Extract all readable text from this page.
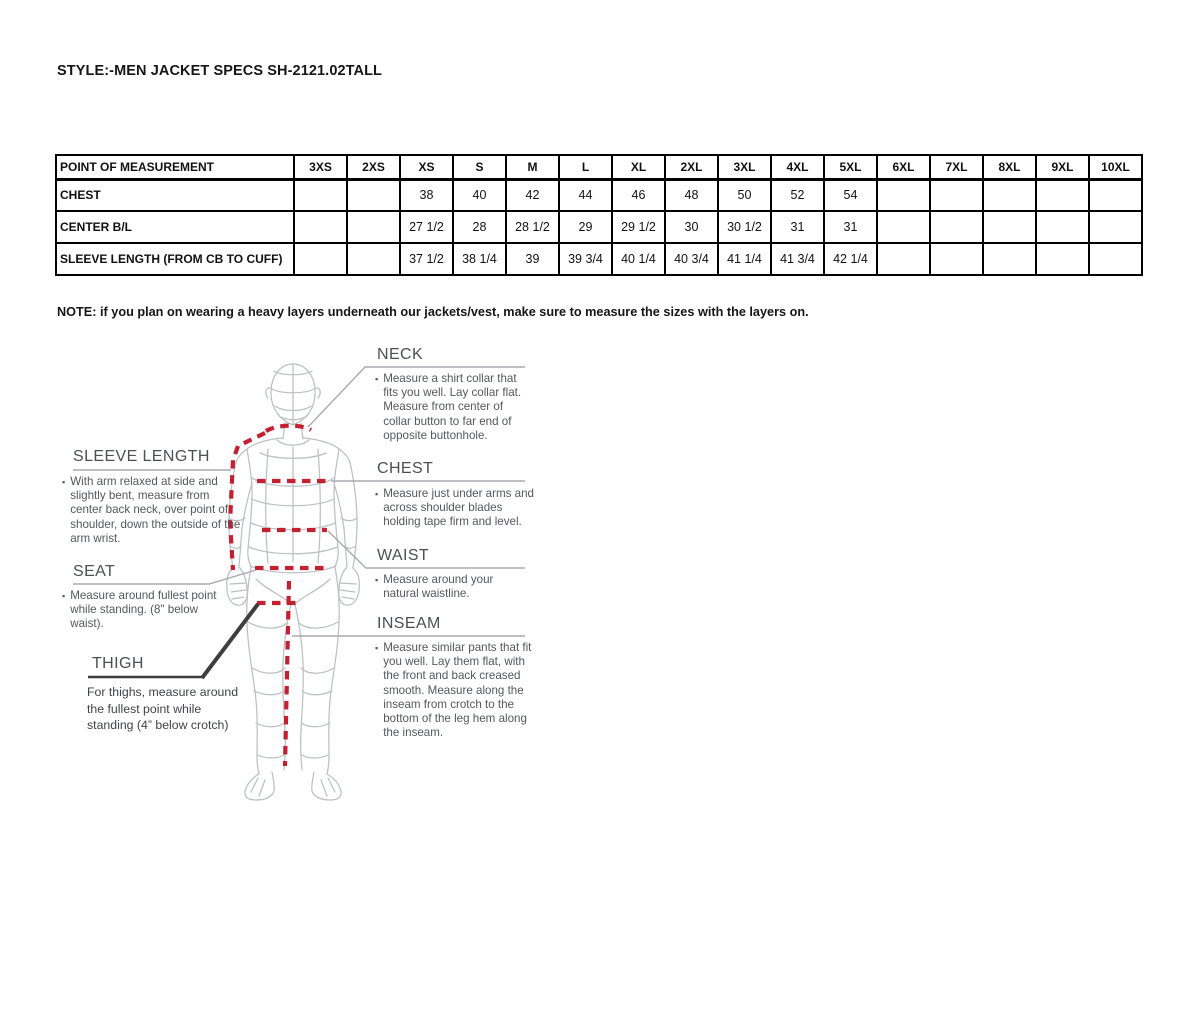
STYLE:-MEN JACKET SPECS SH-2121.02TALL
POINT OF MEASUREMENT	3XS	2XS	XS	S	M	L	XL	2XL	3XL	4XL	5XL	6XL	7XL	8XL	9XL	10XL
CHEST			38	40	42	44	46	48	50	52	54					
CENTER B/L			27 1/2	28	28 1/2	29	29 1/2	30	30 1/2	31	31					
SLEEVE LENGTH (FROM CB TO CUFF)			37 1/2	38 1/4	39	39 3/4	40 1/4	40 3/4	41 1/4	41 3/4	42 1/4					
NOTE: if you plan on wearing a heavy layers underneath our jackets/vest, make sure to measure the sizes with the layers on.
NECK
▪ Measure a shirt collar that fits you well. Lay collar flat. Measure from center of collar button to far end of opposite buttonhole.
SLEEVE LENGTH
▪ With arm relaxed at side and slightly bent, measure from center back neck, over point of shoulder, down the outside of the arm wrist.
CHEST
▪ Measure just under arms and across shoulder blades holding tape firm and level.
WAIST
▪ Measure around your natural waistline.
SEAT
▪ Measure around fullest point while standing. (8" below waist).
THIGH
For thighs, measure around the fullest point while standing (4” below crotch)
INSEAM
▪ Measure similar pants that fit you well. Lay them flat, with the front and back creased smooth. Measure along the inseam from crotch to the bottom of the leg hem along the inseam.
